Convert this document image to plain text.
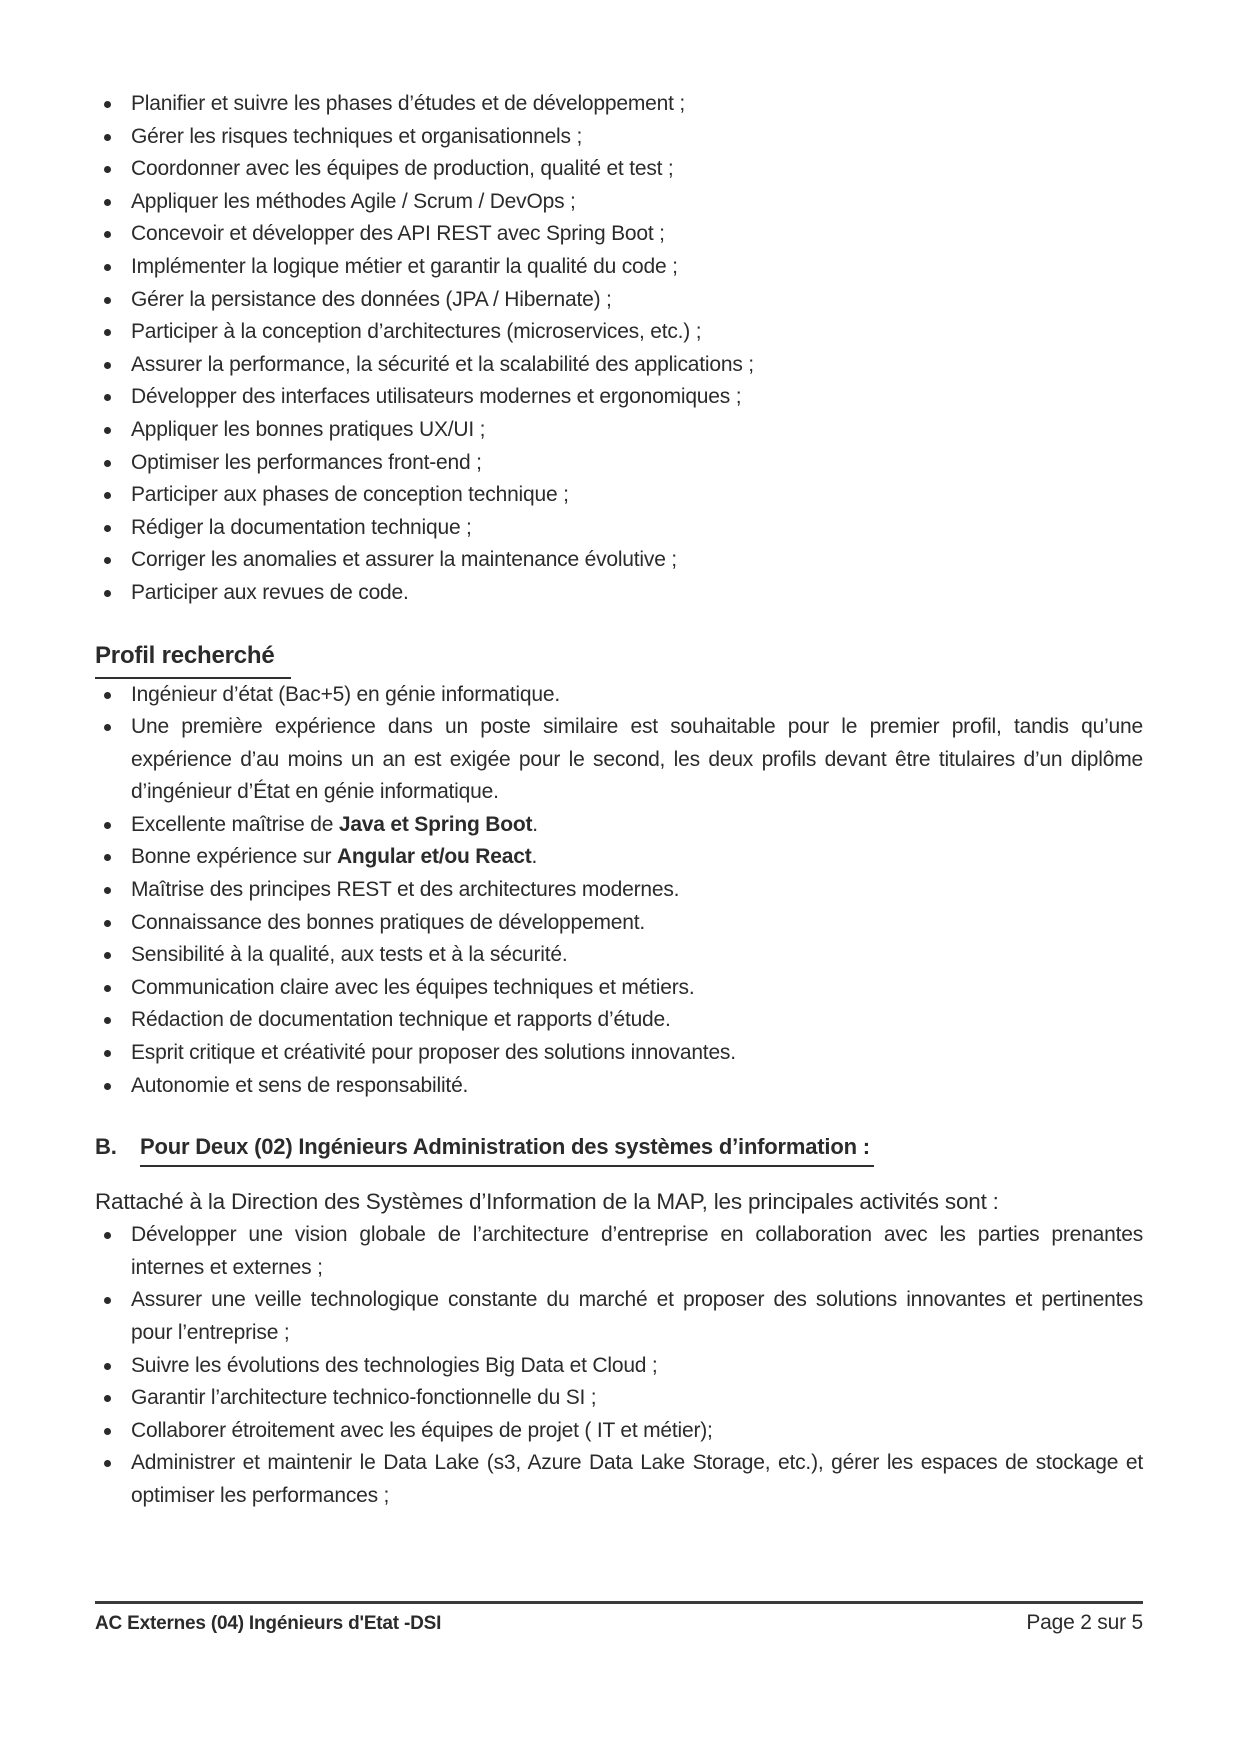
Planifier et suivre les phases d’études et de développement ;
Gérer les risques techniques et organisationnels ;
Coordonner avec les équipes de production, qualité et test ;
Appliquer les méthodes Agile / Scrum / DevOps ;
Concevoir et développer des API REST avec Spring Boot ;
Implémenter la logique métier et garantir la qualité du code ;
Gérer la persistance des données (JPA / Hibernate) ;
Participer à la conception d’architectures (microservices, etc.) ;
Assurer la performance, la sécurité et la scalabilité des applications ;
Développer des interfaces utilisateurs modernes et ergonomiques ;
Appliquer les bonnes pratiques UX/UI ;
Optimiser les performances front-end ;
Participer aux phases de conception technique ;
Rédiger la documentation technique ;
Corriger les anomalies et assurer la maintenance évolutive ;
Participer aux revues de code.
Profil recherché
Ingénieur d’état (Bac+5) en génie informatique.
Une première expérience dans un poste similaire est souhaitable pour le premier profil, tandis qu’une expérience d’au moins un an est exigée pour le second, les deux profils devant être titulaires d’un diplôme d’ingénieur d’État en génie informatique.
Excellente maîtrise de Java et Spring Boot.
Bonne expérience sur Angular et/ou React.
Maîtrise des principes REST et des architectures modernes.
Connaissance des bonnes pratiques de développement.
Sensibilité à la qualité, aux tests et à la sécurité.
Communication claire avec les équipes techniques et métiers.
Rédaction de documentation technique et rapports d’étude.
Esprit critique et créativité pour proposer des solutions innovantes.
Autonomie et sens de responsabilité.
B.	Pour Deux (02) Ingénieurs Administration des systèmes d’information :

Rattaché à la Direction des Systèmes d’Information de la MAP, les principales activités sont :

Développer une vision globale de l’architecture d’entreprise en collaboration avec les parties prenantes internes et externes ;
Assurer une veille technologique constante du marché et proposer des solutions innovantes et pertinentes pour l’entreprise ;
Suivre les évolutions des technologies Big Data et Cloud ;
Garantir l’architecture technico-fonctionnelle du SI ;
Collaborer étroitement avec les équipes de projet ( IT et métier);
Administrer et maintenir le Data Lake (s3, Azure Data Lake Storage, etc.), gérer les espaces de stockage et optimiser les performances ;
AC Externes (04) Ingénieurs d'Etat -DSI	Page 2 sur 5
